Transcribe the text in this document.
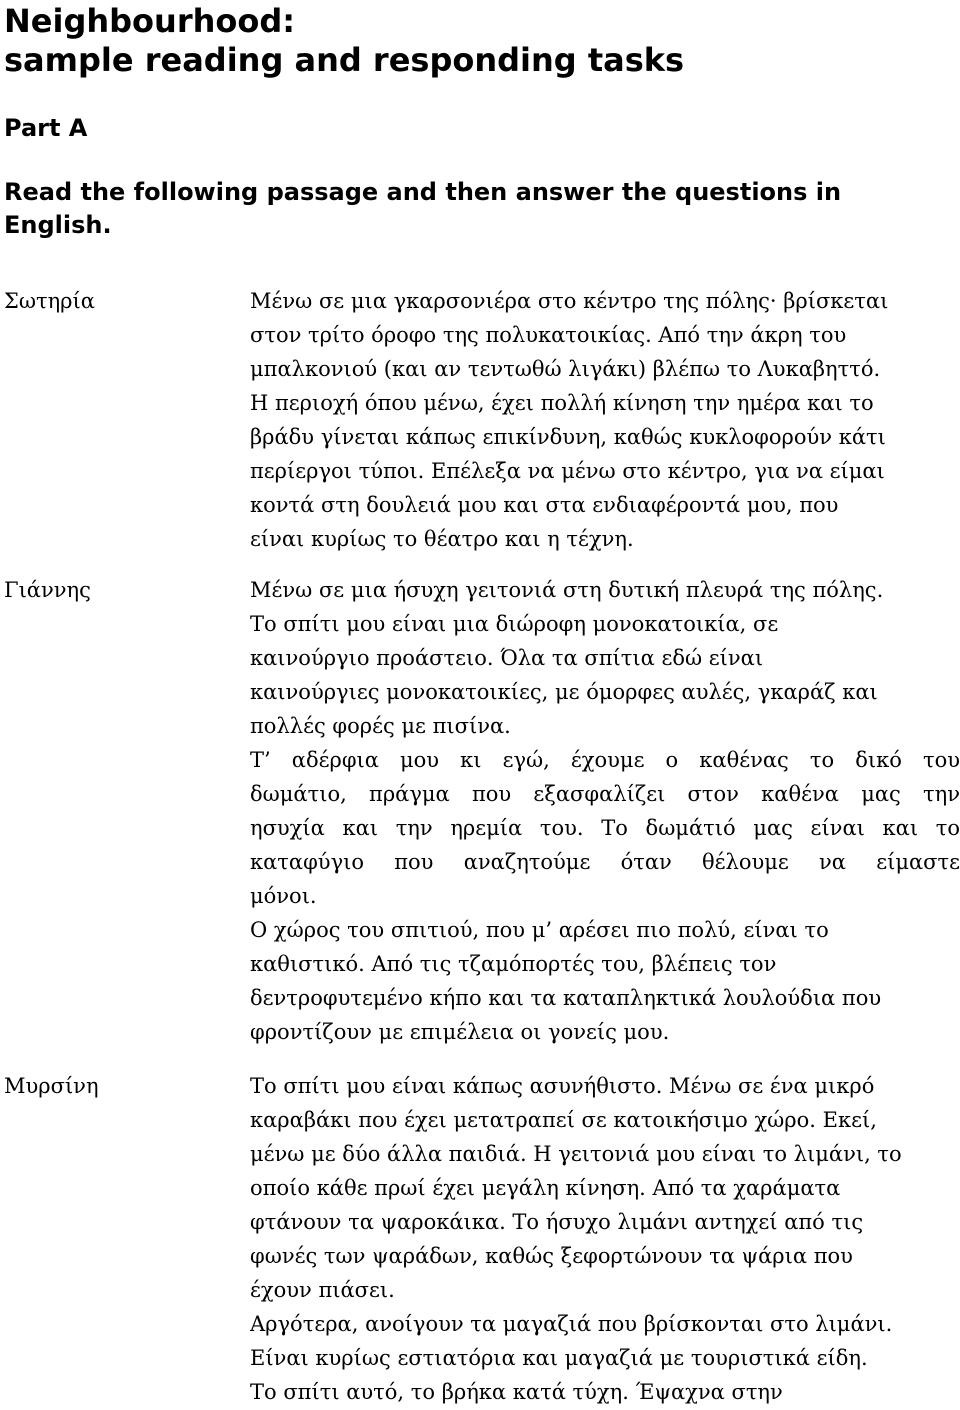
Neighbourhood:
sample reading and responding tasks
Part A
Read the following passage and then answer the questions in
English.

Σωτηρία	Μένω σε μια γκαρσονιέρα στο κέντρο της πόλης· βρίσκεται
στον τρίτο όροφο της πολυκατοικίας. Από την άκρη του
μπαλκονιού (και αν τεντωθώ λιγάκι) βλέπω το Λυκαβηττό.
Η περιοχή όπου μένω, έχει πολλή κίνηση την ημέρα και το
βράδυ γίνεται κάπως επικίνδυνη, καθώς κυκλοφορούν κάτι
περίεργοι τύποι. Επέλεξα να μένω στο κέντρο, για να είμαι
κοντά στη δουλειά μου και στα ενδιαφέροντά μου, που
είναι κυρίως το θέατρο και η τέχνη.

Γιάννης	Μένω σε μια ήσυχη γειτονιά στη δυτική πλευρά της πόλης.
Το σπίτι μου είναι μια διώροφη μονοκατοικία, σε
καινούργιο προάστειο. Όλα τα σπίτια εδώ είναι
καινούργιες μονοκατοικίες, με όμορφες αυλές, γκαράζ και
πολλές φορές με πισίνα.

Τ’ αδέρφια μου κι εγώ, έχουμε ο καθένας το δικό του
δωμάτιο, πράγμα που εξασφαλίζει στον καθένα μας την
ησυχία και την ηρεμία του. Το δωμάτιό μας είναι και το
καταφύγιο που αναζητούμε όταν θέλουμε να είμαστε
μόνοι.

Ο χώρος του σπιτιού, που μ’ αρέσει πιο πολύ, είναι το
καθιστικό. Από τις τζαμόπορτές του, βλέπεις τον
δεντροφυτεμένο κήπο και τα καταπληκτικά λουλούδια που
φροντίζουν με επιμέλεια οι γονείς μου.

Μυρσίνη	Το σπίτι μου είναι κάπως ασυνήθιστο. Μένω σε ένα μικρό
καραβάκι που έχει μετατραπεί σε κατοικήσιμο χώρο. Εκεί,
μένω με δύο άλλα παιδιά. Η γειτονιά μου είναι το λιμάνι, το
οποίο κάθε πρωί έχει μεγάλη κίνηση. Από τα χαράματα
φτάνουν τα ψαροκάικα. Το ήσυχο λιμάνι αντηχεί από τις
φωνές των ψαράδων, καθώς ξεφορτώνουν τα ψάρια που
έχουν πιάσει.

Αργότερα, ανοίγουν τα μαγαζιά που βρίσκονται στο λιμάνι.
Είναι κυρίως εστιατόρια και μαγαζιά με τουριστικά είδη.
Το σπίτι αυτό, το βρήκα κατά τύχη. Έψαχνα στην
